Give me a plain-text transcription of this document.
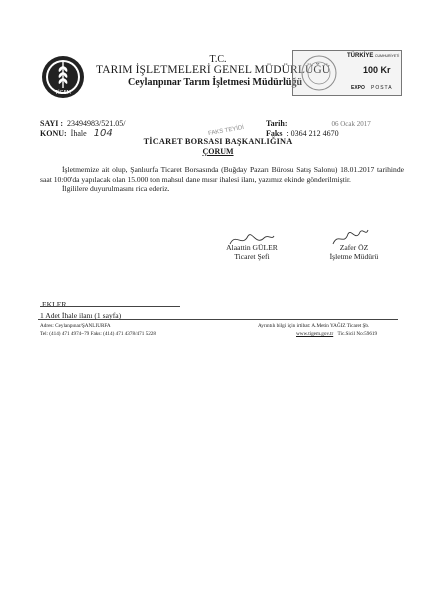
TİGEM
T.C.
TARIM İŞLETMELERİ GENEL MÜDÜRLÜĞÜ
Ceylanpınar Tarım İşletmesi Müdürlüğü
TÜRKİYE CUMHURİYETİ
100 Kr
EXPO POSTA
SAYI : 23494983/521.05/
KONU: İhale 104
Tarih:	06 Ocak 2017
Faks : 0364 212 4670
FAKS TEYİDİ
TİCARET BORSASI BAŞKANLIĞINA
ÇORUM

İşletmemize ait olup, Şanlıurfa Ticaret Borsasında (Buğday Pazarı Bürosu Satış Salonu) 18.01.2017 tarihinde saat 10:00'da yapılacak olan 15.000 ton mahsul dane mısır ihalesi ilanı, yazımız ekinde gönderilmiştir.

İlgililere duyurulmasını rica ederiz.

Alaattin GÜLER
Ticaret Şefi
Zafer ÖZ
İşletme Müdürü
EKLER
1 Adet İhale ilanı (1 sayfa)
Adres: Ceylanpınar/ŞANLIURFA
Tel: (414) 471 4974~79 Faks: (414) 471 4378/471 5228
Ayrıntılı bilgi için irtibat: A.Metin YAĞIZ Ticaret Şb.
www.tigem.gov.tr Tic.Sicil No:59619
